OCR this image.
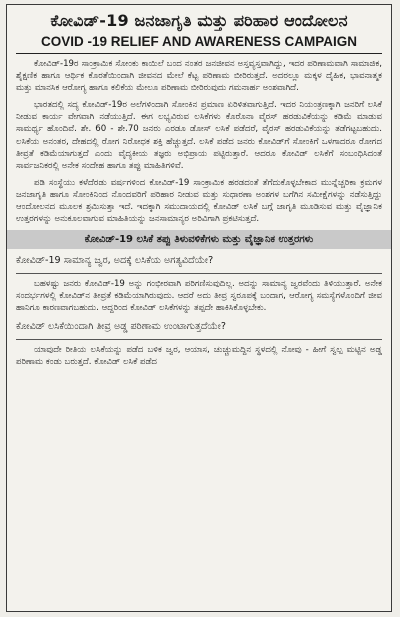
ಕೋವಿಡ್-19 ಜನಜಾಗೃತಿ ಮತ್ತು ಪರಿಹಾರ ಆಂದೋಲನ
COVID -19 RELIEF AND AWARENESS CAMPAIGN

ಕೋವಿಡ್-19ರ ಸಾಂಕ್ರಾಮಿಕ ಸೋಂಕು ಕಾಯಿಲೆ ಬಂದ ನಂತರ ಜನಜೀವನ ಅಸ್ತವ್ಯಸ್ತವಾಗಿದ್ದು, ಇದರ ಪರಿಣಾಮವಾಗಿ ಸಾಮಾಜಿಕ, ಶೈಕ್ಷಣಿಕ ಹಾಗೂ ಆರ್ಥಿಕ ಕೊರತೆಯಿಂದಾಗಿ ಜೀವನದ ಮೇಲೆ ಕೆಟ್ಟ ಪರಿಣಾಮ ಬೀರಿರುತ್ತದೆ. ಅದರಲ್ಲೂ ಮಕ್ಕಳ ದೈಹಿಕ, ಭಾವನಾತ್ಮಕ ಮತ್ತು ಮಾನಸಿಕ ಆರೋಗ್ಯ ಹಾಗೂ ಕಲಿಕೆಯ ಮೇಲೂ ಪರಿಣಾಮ ಬೀರಿರುವುದು ಗಮನಾರ್ಹ ಅಂಶವಾಗಿದೆ.

ಭಾರತದಲ್ಲಿ ಸದ್ಯ ಕೋವಿಡ್-19ರ ಅಲೆಗಳಿಂದಾಗಿ ಸೋಂಕಿನ ಪ್ರಮಾಣ ಏರಿಳಿತವಾಗುತ್ತಿದೆ. ಇದರ ನಿಯಂತ್ರಣಕ್ಕಾಗಿ ಜನರಿಗೆ ಲಸಿಕೆ ನೀಡುವ ಕಾರ್ಯ ವೇಗವಾಗಿ ನಡೆಯುತ್ತಿದೆ. ಈಗ ಲಭ್ಯವಿರುವ ಲಸಿಕೆಗಳು ಕೊರೊನಾ ವೈರಸ್ ಹರಡುವಿಕೆಯನ್ನು ಕಡಿಮೆ ಮಾಡುವ ಸಾಮರ್ಥ್ಯ ಹೊಂದಿವೆ. ಶೇ. 60 - ಶೇ.70 ಜನರು ಎರಡೂ ಡೋಸ್ ಲಸಿಕೆ ಪಡೆದರೆ, ವೈರಸ್ ಹರಡುವಿಕೆಯನ್ನು ತಡೆಗಟ್ಟಬಹುದು. ಲಸಿಕೆಯ ಅನಂತರ, ದೇಹದಲ್ಲಿ ರೋಗ ನಿರೋಧಕ ಶಕ್ತಿ ಹೆಚ್ಚುತ್ತದೆ. ಲಸಿಕೆ ಪಡೆದ ಜನರು ಕೋವಿಡ್‌ಗೆ ಸೋಂಕಿಗೆ ಒಳಗಾದರೂ ರೋಗದ ತೀವ್ರತೆ ಕಡಿಮೆಯಾಗುತ್ತದೆ ಎಂದು ವೈದ್ಯಕೀಯ ತಜ್ಞರು ಅಭಿಪ್ರಾಯ ಪಟ್ಟಿರುತ್ತಾರೆ. ಆದರೂ ಕೋವಿಡ್ ಲಸಿಕೆಗೆ ಸಂಬಂಧಿಸಿದಂತೆ ಸಾರ್ವಜನಿಕರಲ್ಲಿ ಅನೇಕ ಸಂದೇಹ ಹಾಗೂ ತಪ್ಪು ಮಾಹಿತಿಗಳಿವೆ.

ಪಡಿ ಸಂಸ್ಥೆಯು ಕಳೆದೆರಡು ವರ್ಷಗಳಿಂದ ಕೋವಿಡ್-19 ಸಾಂಕ್ರಾಮಿಕ ಹರಡದಂತೆ ತೆಗೆದುಕೊಳ್ಳಬೇಕಾದ ಮುನ್ನೆಚ್ಚರಿಕಾ ಕ್ರಮಗಳ ಜನಜಾಗೃತಿ ಹಾಗೂ ಸೋಂಕಿನಿಂದ ನೊಂದವರಿಗೆ ಪರಿಹಾರ ನೀಡುವ ಮತ್ತು ಸುಧಾರಣಾ ಅಂಶಗಳ ಬಗೆಗಿನ ಸಮೀಕ್ಷೆಗಳನ್ನು ನಡೆಸುತ್ತಿದ್ದು ಆಂದೋಲನದ ಮೂಲಕ ಶ್ರಮಿಸುತ್ತಾ ಇದೆ. ಇದಕ್ಕಾಗಿ ಸಮುದಾಯದಲ್ಲಿ ಕೋವಿಡ್ ಲಸಿಕೆ ಬಗ್ಗೆ ಜಾಗೃತಿ ಮೂಡಿಸುವ ಮತ್ತು ವೈಜ್ಞಾನಿಕ ಉತ್ತರಗಳನ್ನು ಅನುಕೂಲವಾಗುವ ಮಾಹಿತಿಯನ್ನು ಜನಸಾಮಾನ್ಯರ ಅರಿವಿಗಾಗಿ ಪ್ರಕಟಿಸುತ್ತದೆ.

ಕೋವಿಡ್-19 ಲಸಿಕೆ ತಪ್ಪು ತಿಳುವಳಿಕೆಗಳು ಮತ್ತು ವೈಜ್ಞಾನಿಕ ಉತ್ತರಗಳು
ಕೋವಿಡ್-19 ಸಾಮಾನ್ಯ ಜ್ವರ, ಅದಕ್ಕೆ ಲಸಿಕೆಯ ಅಗತ್ಯವಿದೆಯೇ?

ಬಹಳಷ್ಟು ಜನರು ಕೋವಿಡ್-19 ಅನ್ನು ಗಂಭೀರವಾಗಿ ಪರಿಗಣಿಸುವುದಿಲ್ಲ. ಅದನ್ನು ಸಾಮಾನ್ಯ ಜ್ವರವೆಂದು ತಿಳಿಯುತ್ತಾರೆ. ಅನೇಕ ಸಂದರ್ಭಗಳಲ್ಲಿ ಕೋವಿಡ್‌ನ ತೀವ್ರತೆ ಕಡಿಮೆಯಾಗಿರುವುದು. ಆದರೆ ಅದು ತೀವ್ರ ಸ್ವರೂಪಕ್ಕೆ ಬಂದಾಗ, ಆರೋಗ್ಯ ಸಮಸ್ಯೆಗಳೊಂದಿಗೆ ಜೀವ ಹಾನಿಗೂ ಕಾರಣವಾಗಬಹುದು. ಆದ್ದರಿಂದ ಕೋವಿಡ್ ಲಸಿಕೆಗಳನ್ನು ತಪ್ಪದೇ ಹಾಕಿಸಿಕೊಳ್ಳಬೇಕು.

ಕೋವಿಡ್ ಲಸಿಕೆಯಿಂದಾಗಿ ತೀವ್ರ ಅಡ್ಡ ಪರಿಣಾಮ ಉಂಟಾಗುತ್ತದೆಯೇ?

ಯಾವುದೇ ರೀತಿಯ ಲಸಿಕೆಯನ್ನು ಪಡೆದ ಬಳಿಕ ಜ್ವರ, ಆಯಾಸ, ಚುಚ್ಚುಮದ್ದಿನ ಸ್ಥಳದಲ್ಲಿ ನೋವು - ಹೀಗೆ ಸ್ವಲ್ಪ ಮಟ್ಟಿನ ಅಡ್ಡ ಪರಿಣಾಮ ಕಂಡು ಬರುತ್ತದೆ. ಕೋವಿಡ್ ಲಸಿಕೆ ಪಡೆದ
